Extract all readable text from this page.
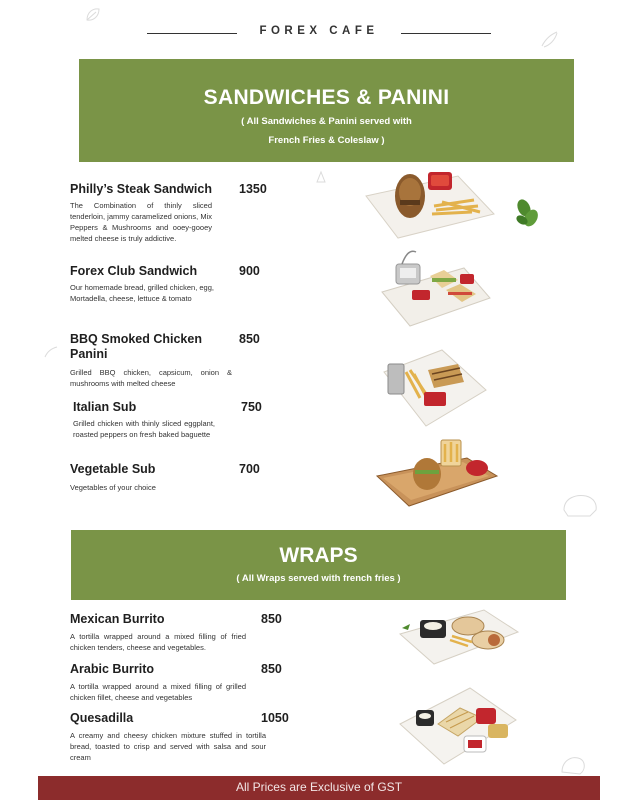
FOREX CAFE
SANDWICHES & PANINI
( All Sandwiches & Panini served with
French Fries & Coleslaw )
Philly’s Steak Sandwich
The Combination of thinly sliced tenderloin, jammy caramelized onions, Mix Peppers & Mushrooms and ooey-gooey melted cheese is truly addictive.
1350
Forex Club Sandwich
Our homemade bread, grilled chicken, egg, Mortadella, cheese, lettuce & tomato
900
BBQ Smoked Chicken Panini
Grilled BBQ chicken, capsicum, onion & mushrooms with melted cheese
850
Italian Sub
Grilled chicken with thinly sliced eggplant, roasted peppers on fresh baked baguette
750
Vegetable Sub
Vegetables of your choice
700
WRAPS
( All Wraps served with french fries )
Mexican Burrito
A tortilla wrapped around a mixed filling of fried chicken tenders, cheese and vegetables.
850
Arabic Burrito
A tortilla wrapped around a mixed filling of grilled chicken fillet, cheese and vegetables
850
Quesadilla
A creamy and cheesy chicken mixture stuffed in tortilla bread, toasted to crisp and served with salsa and sour cream
1050
All Prices are Exclusive of GST
